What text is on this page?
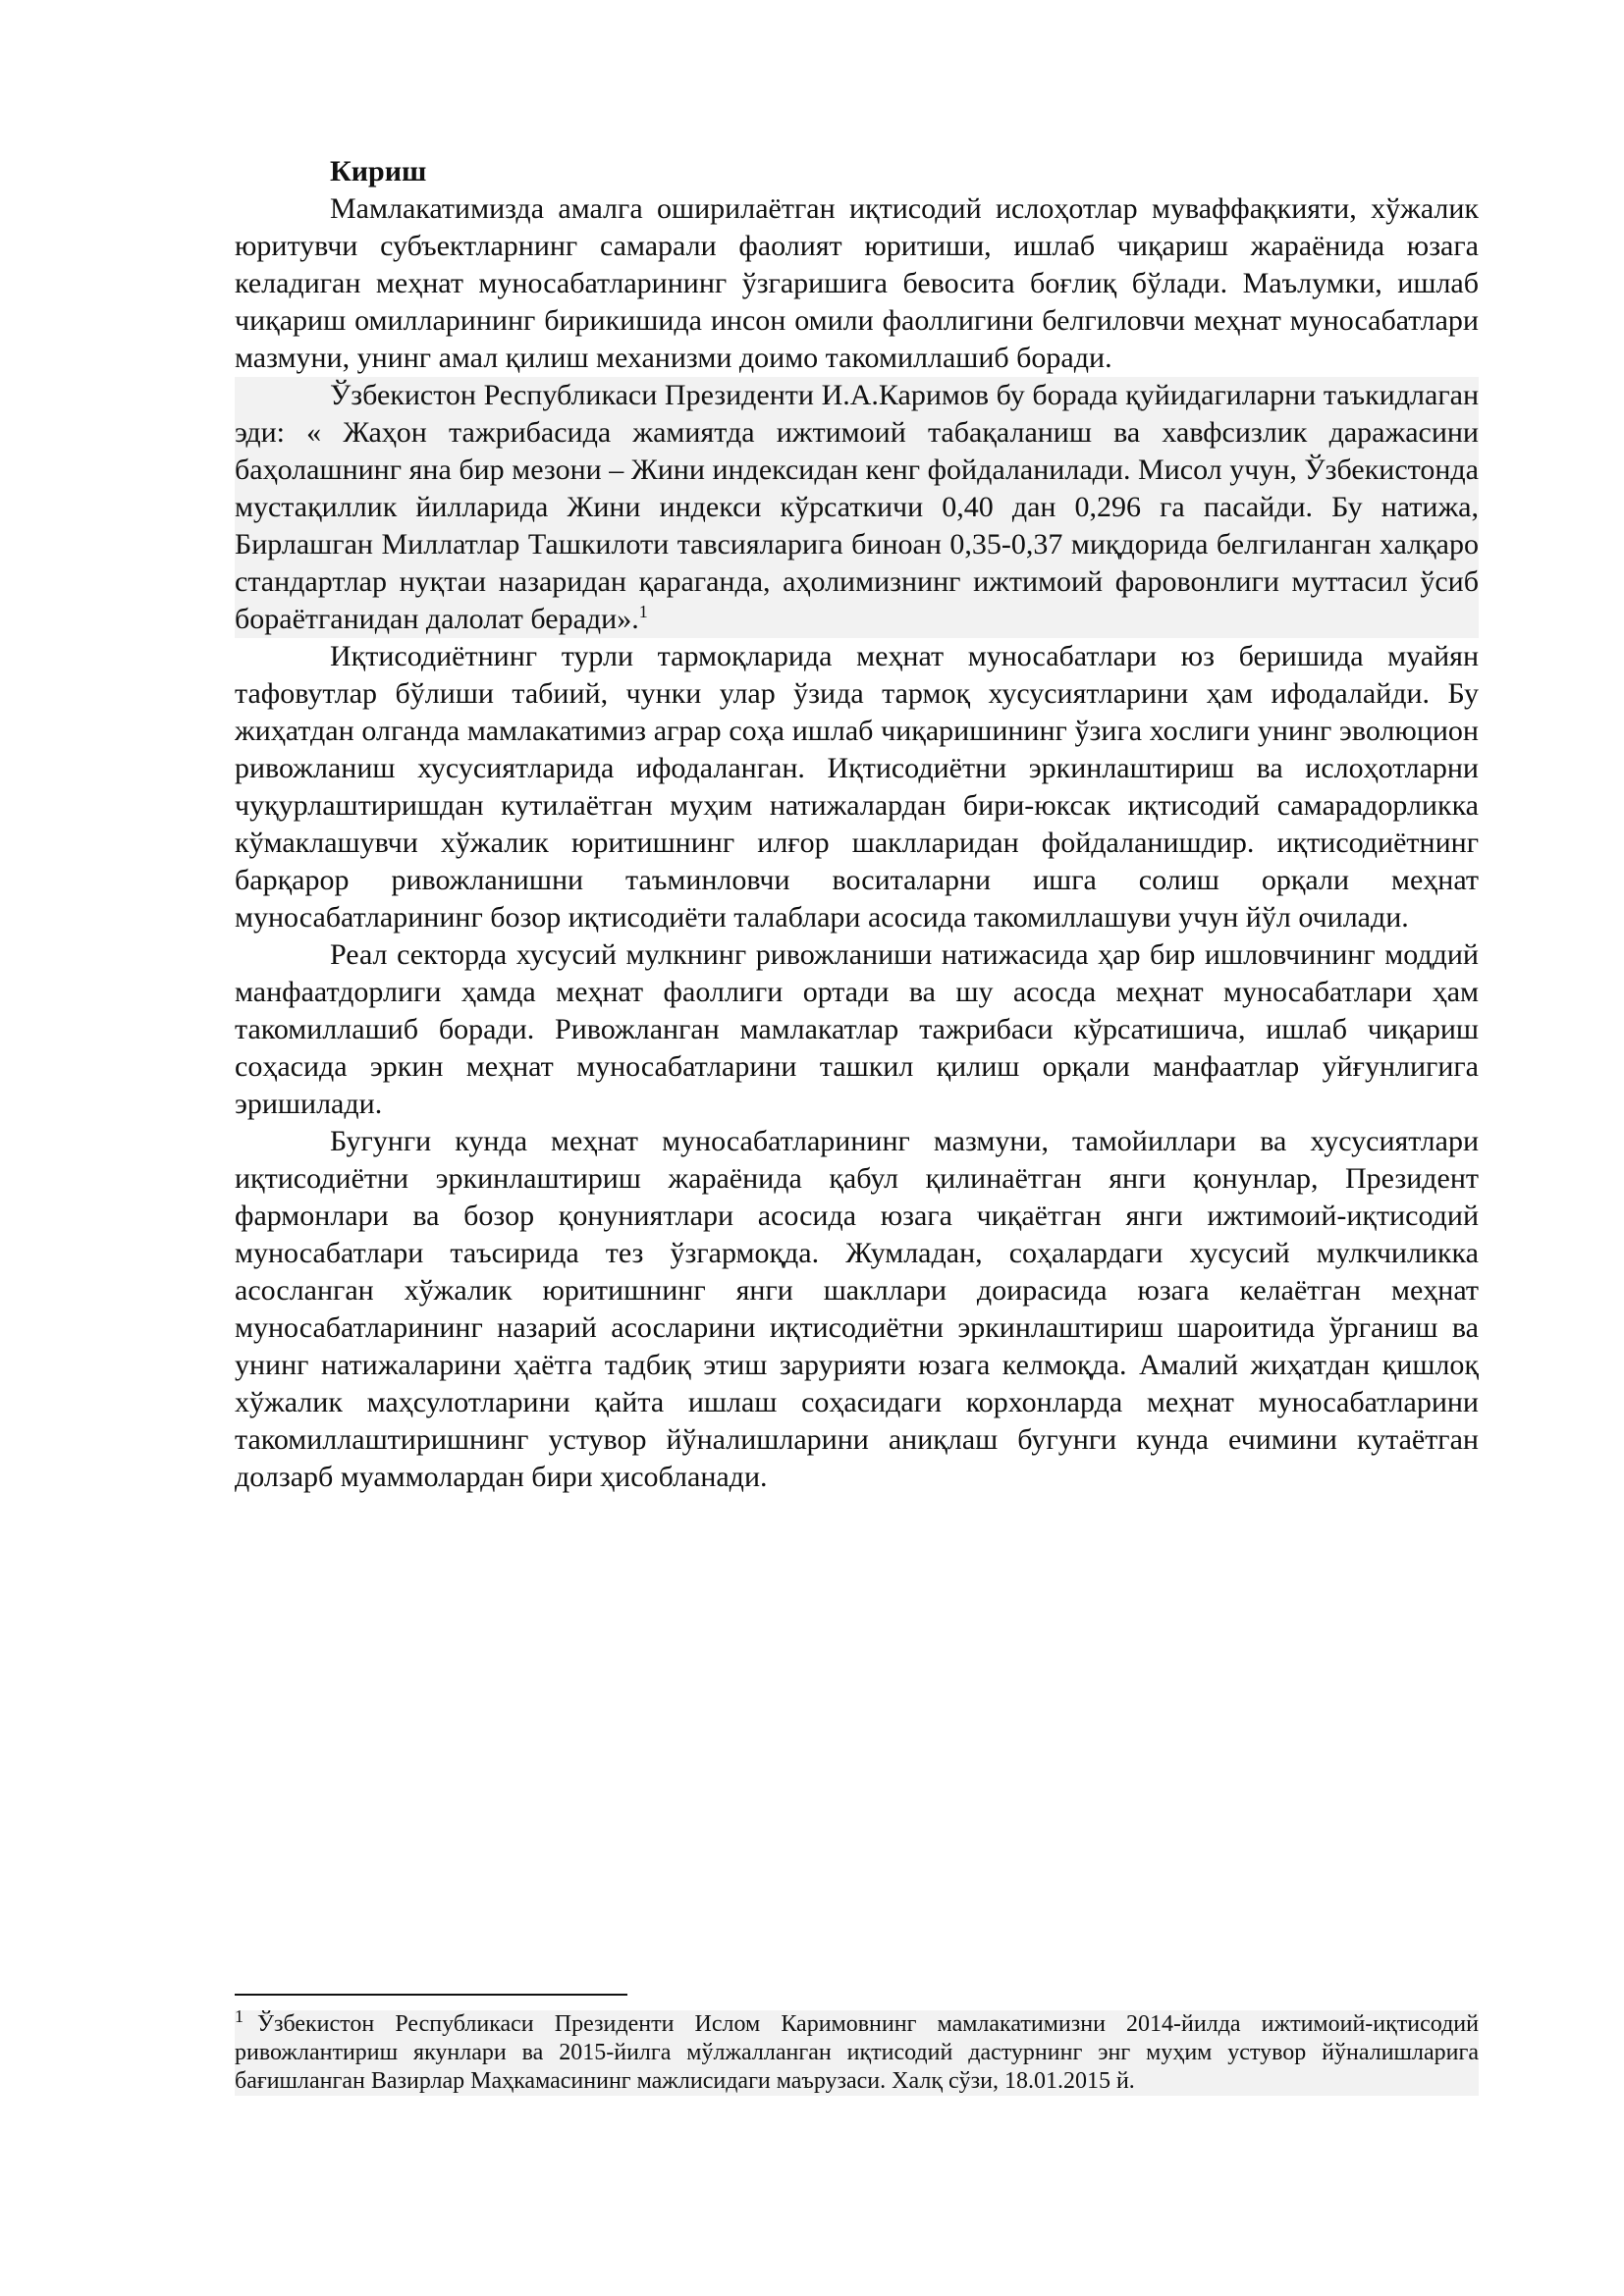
Кириш

Мамлакатимизда амалга оширилаётган иқтисодий ислоҳотлар муваффақкияти, хўжалик юритувчи субъектларнинг самарали фаолият юритиши, ишлаб чиқариш жараёнида юзага келадиган меҳнат муносабатларининг ўзгаришига бевосита боғлиқ бўлади. Маълумки, ишлаб чиқариш омилларининг бирикишида инсон омили фаоллигини белгиловчи меҳнат муносабатлари мазмуни, унинг амал қилиш механизми доимо такомиллашиб боради.

Ўзбекистон Республикаси Президенти И.А.Каримов бу борада қуйидагиларни таъкидлаган эди: « Жаҳон тажрибасида жамиятда ижтимоий табақаланиш ва хавфсизлик даражасини баҳолашнинг яна бир мезони – Жини индексидан кенг фойдаланилади. Мисол учун, Ўзбекистонда мустақиллик йилларида Жини индекси кўрсаткичи 0,40 дан 0,296 га пасайди. Бу натижа, Бирлашган Миллатлар Ташкилоти тавсияларига биноан 0,35-0,37 миқдорида белгиланган халқаро стандартлар нуқтаи назаридан қараганда, аҳолимизнинг ижтимоий фаровонлиги муттасил ўсиб бораётганидан далолат беради».$^1$

Иқтисодиётнинг турли тармоқларида меҳнат муносабатлари юз беришида муайян тафовутлар бўлиши табиий, чунки улар ўзида тармоқ хусусиятларини ҳам ифодалайди. Бу жиҳатдан олганда мамлакатимиз аграр соҳа ишлаб чиқаришининг ўзига хослиги унинг эволюцион ривожланиш хусусиятларида ифодаланган. Иқтисодиётни эркинлаштириш ва ислоҳотларни чуқурлаштиришдан кутилаётган муҳим натижалардан бири-юксак иқтисодий самарадорликка кўмаклашувчи хўжалик юритишнинг илғор шаклларидан фойдаланишдир. иқтисодиётнинг барқарор ривожланишни таъминловчи воситаларни ишга солиш орқали меҳнат муносабатларининг бозор иқтисодиёти талаблари асосида такомиллашуви учун йўл очилади.

Реал секторда хусусий мулкнинг ривожланиши натижасида ҳар бир ишловчининг моддий манфаатдорлиги ҳамда меҳнат фаоллиги ортади ва шу асосда меҳнат муносабатлари ҳам такомиллашиб боради. Ривожланган мамлакатлар тажрибаси кўрсатишича, ишлаб чиқариш соҳасида эркин меҳнат муносабатларини ташкил қилиш орқали манфаатлар уйғунлигига эришилади.

Бугунги кунда меҳнат муносабатларининг мазмуни, тамойиллари ва хусусиятлари иқтисодиётни эркинлаштириш жараёнида қабул қилинаётган янги қонунлар, Президент фармонлари ва бозор қонуниятлари асосида юзага чиқаётган янги ижтимоий-иқтисодий муносабатлари таъсирида тез ўзгармоқда. Жумладан, соҳалардаги хусусий мулкчиликка асосланган хўжалик юритишнинг янги шакллари доирасида юзага келаётган меҳнат муносабатларининг назарий асосларини иқтисодиётни эркинлаштириш шароитида ўрганиш ва унинг натижаларини ҳаётга тадбиқ этиш зарурияти юзага келмоқда. Амалий жиҳатдан қишлоқ хўжалик маҳсулотларини қайта ишлаш соҳасидаги корхонларда меҳнат муносабатларини такомиллаштиришнинг устувор йўналишларини аниқлаш бугунги кунда ечимини кутаётган долзарб муаммолардан бири ҳисобланади.

$^1$ Ўзбекистон Республикаси Президенти Ислом Каримовнинг мамлакатимизни 2014-йилда ижтимоий-иқтисодий ривожлантириш якунлари ва 2015-йилга мўлжалланган иқтисодий дастурнинг энг муҳим устувор йўналишларига бағишланган Вазирлар Маҳкамасининг мажлисидаги маърузаси. Халқ сўзи, 18.01.2015 й.
